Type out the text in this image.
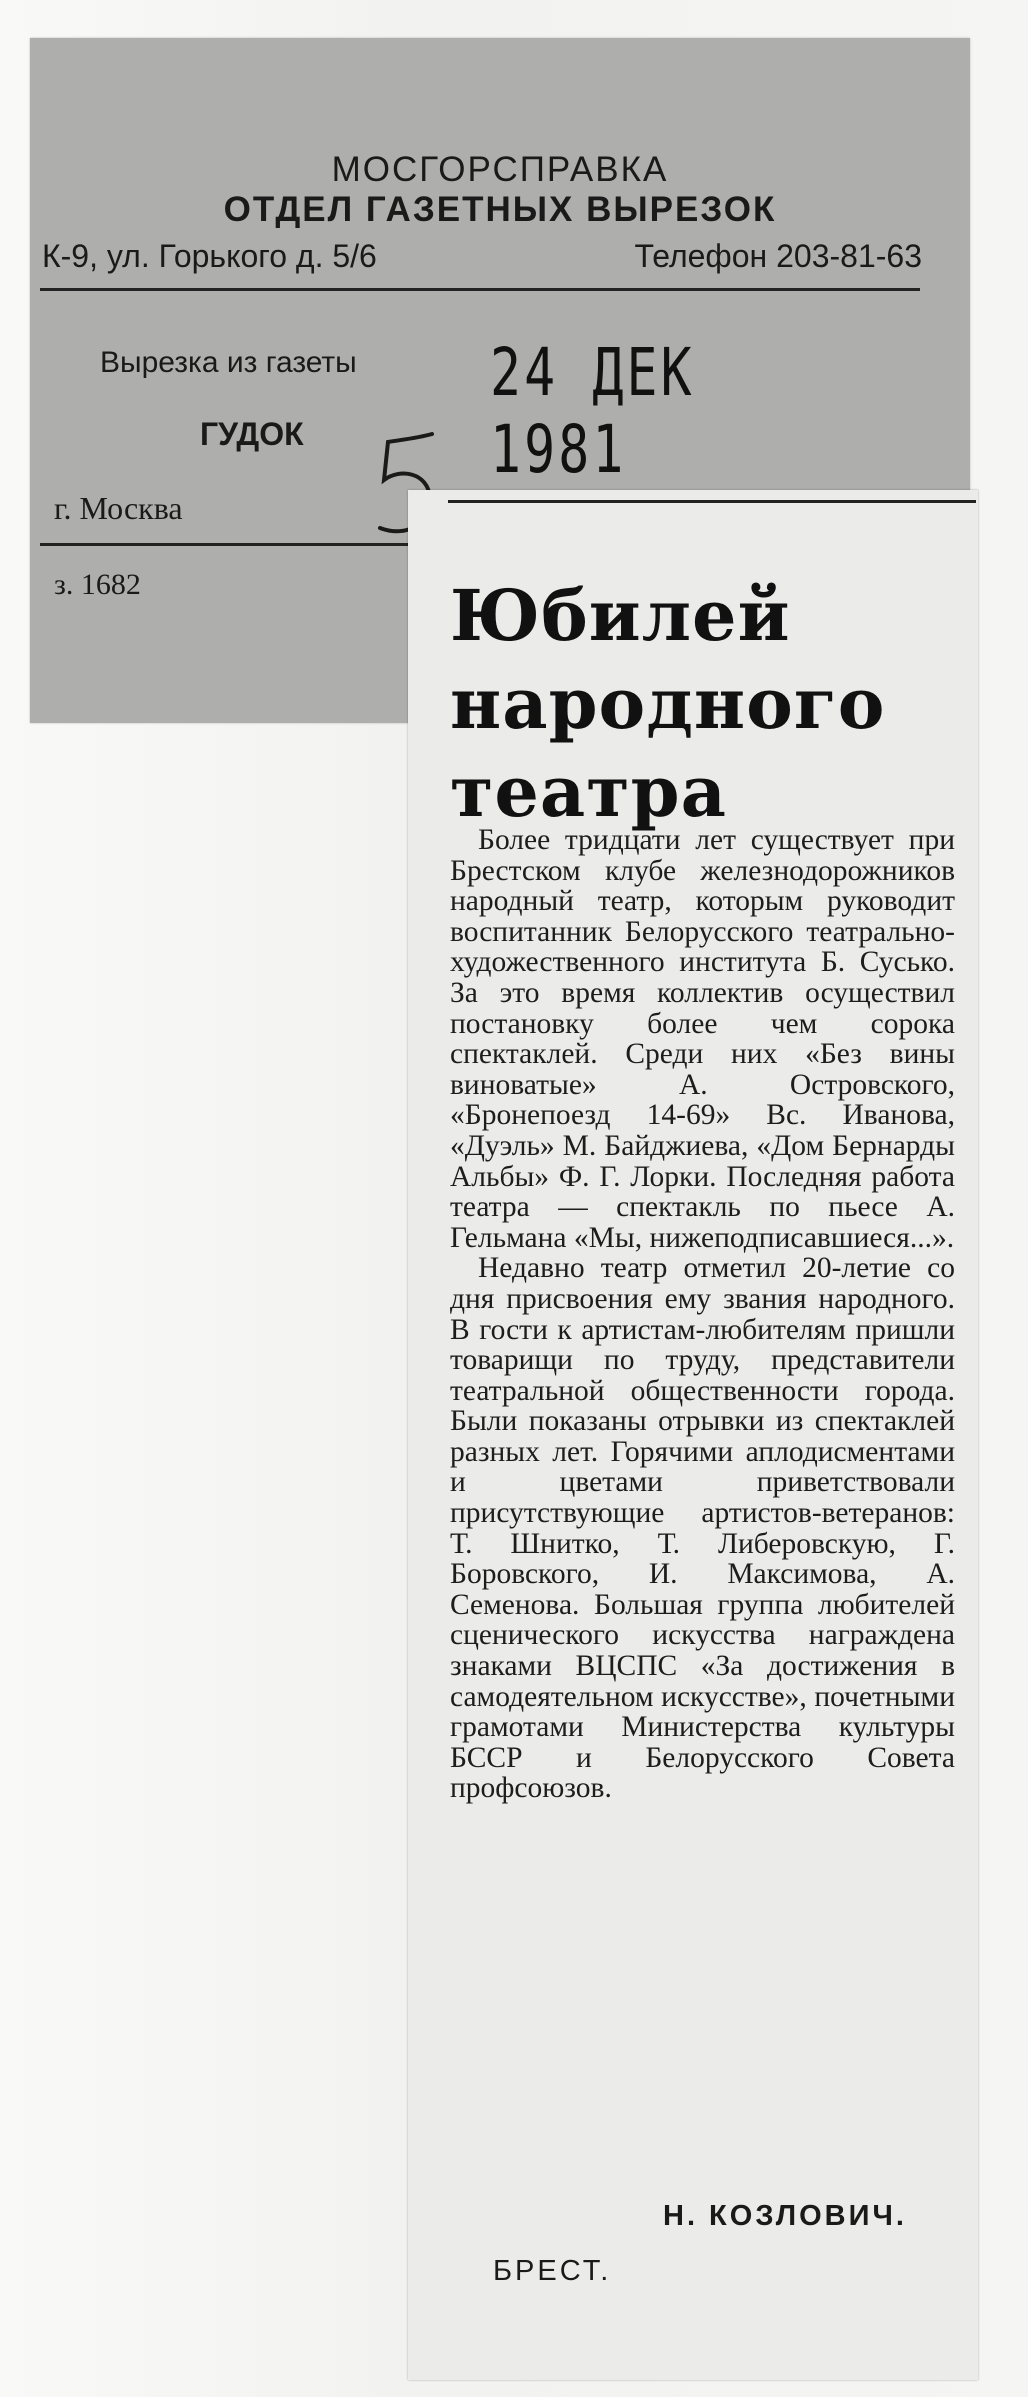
МОСГОРСПРАВКА
ОТДЕЛ ГАЗЕТНЫХ ВЫРЕЗОК
К-9, ул. Горького д. 5/6	Телефон 203-81-63
Вырезка из газеты
ГУДОК
г. Москва
з. 1682
24 ДЕК 1981
Юбилей
народного
театра

Более тридцати лет существует при Брестском клубе железнодорожников народный театр, которым руководит воспитанник Белорусского театрально-художественного института Б. Сусько. За это время коллектив осуществил постановку более чем сорока спектаклей. Среди них «Без вины виноватые» А. Островского, «Бронепоезд 14-69» Вс. Иванова, «Дуэль» М. Байджиева, «Дом Бернарды Альбы» Ф. Г. Лорки. Последняя работа театра — спектакль по пьесе А. Гельмана «Мы, нижеподписавшиеся...».

Недавно театр отметил 20-летие со дня присвоения ему звания народного. В гости к артистам-любителям пришли товарищи по труду, представители театральной общественности города. Были показаны отрывки из спектаклей разных лет. Горячими аплодисментами и цветами приветствовали присутствующие артистов-ветеранов: Т. Шнитко, Т. Либеровскую, Г. Боровского, И. Максимова, А. Семенова. Большая группа любителей сценического искусства награждена знаками ВЦСПС «За достижения в самодеятельном искусстве», почетными грамотами Министерства культуры БССР и Белорусского Совета профсоюзов.

Н. КОЗЛОВИЧ.
БРЕСТ.
